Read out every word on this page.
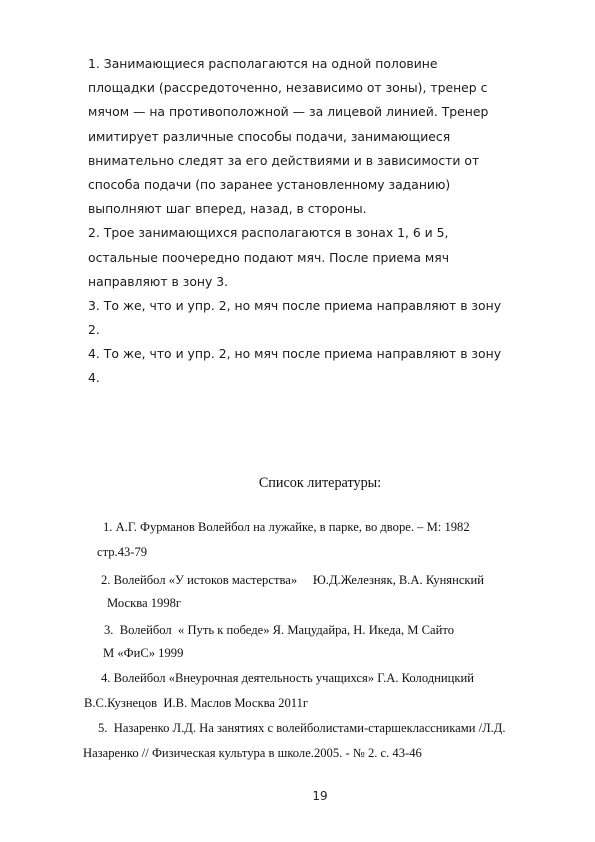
1. Занимающиеся располагаются на одной половине
площадки (рассредоточенно, независимо от зоны), тренер с
мячом — на противоположной — за лицевой линией. Тренер
имитирует различные способы подачи, занимающиеся
внимательно следят за его действиями и в зависимости от
способа подачи (по заранее установленному заданию)
выполняют шаг вперед, назад, в стороны.
2. Трое занимающихся располагаются в зонах 1, 6 и 5,
остальные поочередно подают мяч. После приема мяч
направляют в зону 3.
3. То же, что и упр. 2, но мяч после приема направляют в зону
2.
4. То же, что и упр. 2, но мяч после приема направляют в зону
4.
Список литературы:
1. А.Г. Фурманов Волейбол на лужайке, в парке, во дворе. – М: 1982
стр.43-79
2. Волейбол «У истоков мастерства»     Ю.Д.Железняк, В.А. Кунянский
Москва 1998г
3.  Волейбол  « Путь к победе» Я. Мацудайра, Н. Икеда, М Сайто
М «ФиС» 1999
4. Волейбол «Внеурочная деятельность учащихся» Г.А. Колодницкий
В.С.Кузнецов  И.В. Маслов Москва 2011г
5.  Назаренко Л.Д. На занятиях с волейболистами-старшеклассниками /Л.Д.
Назаренко // Физическая культура в школе.2005. - № 2. с. 43-46
19
